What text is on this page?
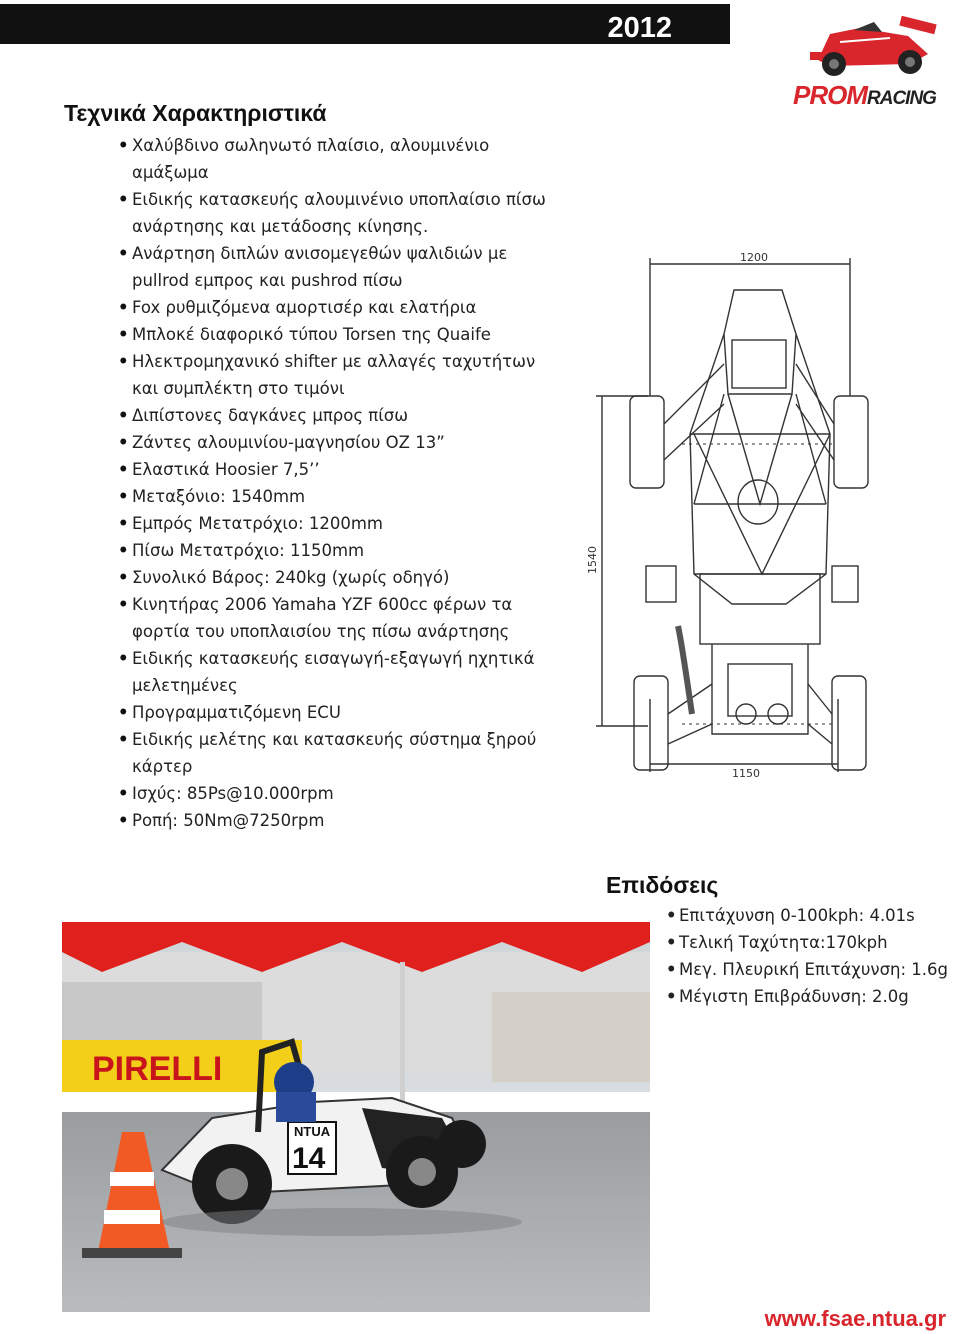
2012
PROMRACING
Τεχνικά Χαρακτηριστικά
• Χαλύβδινο σωληνωτό πλαίσιο, αλουμινένιο αμάξωμα
• Ειδικής κατασκευής αλουμινένιο υποπλαίσιο πίσω ανάρτησης και μετάδοσης κίνησης.
• Ανάρτηση διπλών ανισομεγεθών ψαλιδιών με pullrod εμπρος και pushrod πίσω
• Fox ρυθμιζόμενα αμορτισέρ και ελατήρια
• Μπλοκέ διαφορικό τύπου Torsen της Quaife
• Ηλεκτρομηχανικό shifter με αλλαγές ταχυτήτων και συμπλέκτη στο τιμόνι
• Διπίστονες δαγκάνες μπρος πίσω
• Ζάντες αλουμινίου-μαγνησίου OZ 13”
• Ελαστικά Hoosier 7,5’’
• Μεταξόνιο: 1540mm
• Εμπρός Μετατρόχιο: 1200mm
• Πίσω Μετατρόχιο: 1150mm
• Συνολικό Βάρος: 240kg (χωρίς οδηγό)
• Κινητήρας 2006 Yamaha YZF 600cc φέρων τα φορτία του υποπλαισίου της πίσω ανάρτησης
• Ειδικής κατασκευής εισαγωγή-εξαγωγή ηχητικά μελετημένες
• Προγραμματιζόμενη ECU
• Ειδικής μελέτης και κατασκευής σύστημα ξηρού κάρτερ
• Ισχύς: 85Ps@10.000rpm
• Ροπή: 50Nm@7250rpm
1200
1150
1540
Επιδόσεις
• Επιτάχυνση 0-100kph: 4.01s
• Τελική Ταχύτητα:170kph
• Μεγ. Πλευρική Επιτάχυνση: 1.6g
• Μέγιστη Επιβράδυνση: 2.0g
PIRELLI
NTUA
14
www.fsae.ntua.gr
